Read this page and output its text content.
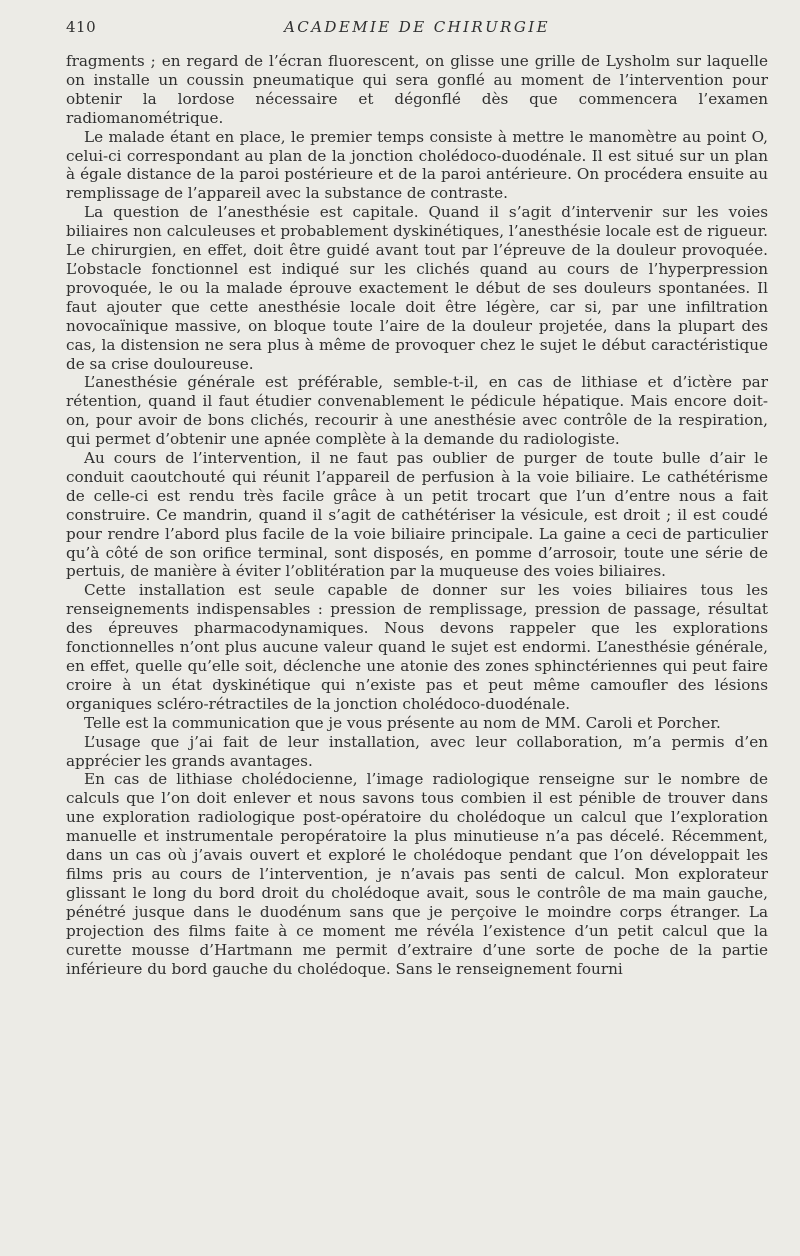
410	ACADEMIE DE CHIRURGIE

fragments ; en regard de l’écran fluorescent, on glisse une grille de Lysholm sur laquelle on installe un coussin pneumatique qui sera gonflé au moment de l’intervention pour obtenir la lordose nécessaire et dégonflé dès que commencera l’examen radiomanométrique.

Le malade étant en place, le premier temps consiste à mettre le manomètre au point O, celui-ci correspondant au plan de la jonction cholédoco-duodénale. Il est situé sur un plan à égale distance de la paroi postérieure et de la paroi antérieure. On procédera ensuite au remplissage de l’appareil avec la substance de contraste.

La question de l’anesthésie est capitale. Quand il s’agit d’intervenir sur les voies biliaires non calculeuses et probablement dyskinétiques, l’anesthésie locale est de rigueur. Le chirurgien, en effet, doit être guidé avant tout par l’épreuve de la douleur provoquée. L’obstacle fonctionnel est indiqué sur les clichés quand au cours de l’hyperpression provoquée, le ou la malade éprouve exactement le début de ses douleurs spontanées. Il faut ajouter que cette anesthésie locale doit être légère, car si, par une infiltration novocaïnique massive, on bloque toute l’aire de la douleur projetée, dans la plupart des cas, la distension ne sera plus à même de provoquer chez le sujet le début caractéristique de sa crise douloureuse.

L’anesthésie générale est préférable, semble-t-il, en cas de lithiase et d’ictère par rétention, quand il faut étudier convenablement le pédicule hépatique. Mais encore doit-on, pour avoir de bons clichés, recourir à une anesthésie avec contrôle de la respiration, qui permet d’obtenir une apnée complète à la demande du radiologiste.

Au cours de l’intervention, il ne faut pas oublier de purger de toute bulle d’air le conduit caoutchouté qui réunit l’appareil de perfusion à la voie biliaire. Le cathétérisme de celle-ci est rendu très facile grâce à un petit trocart que l’un d’entre nous a fait construire. Ce mandrin, quand il s’agit de cathétériser la vésicule, est droit ; il est coudé pour rendre l’abord plus facile de la voie biliaire principale. La gaine a ceci de particulier qu’à côté de son orifice terminal, sont disposés, en pomme d’arrosoir, toute une série de pertuis, de manière à éviter l’oblitération par la muqueuse des voies biliaires.

Cette installation est seule capable de donner sur les voies biliaires tous les renseignements indispensables : pression de remplissage, pression de passage, résultat des épreuves pharmacodynamiques. Nous devons rappeler que les explorations fonctionnelles n’ont plus aucune valeur quand le sujet est endormi. L’anesthésie générale, en effet, quelle qu’elle soit, déclenche une atonie des zones sphinctériennes qui peut faire croire à un état dyskinétique qui n’existe pas et peut même camoufler des lésions organiques scléro-rétractiles de la jonction cholédoco-duodénale.

Telle est la communication que je vous présente au nom de MM. Caroli et Porcher.

L’usage que j’ai fait de leur installation, avec leur collaboration, m’a permis d’en apprécier les grands avantages.

En cas de lithiase cholédocienne, l’image radiologique renseigne sur le nombre de calculs que l’on doit enlever et nous savons tous combien il est pénible de trouver dans une exploration radiologique post-opératoire du cholédoque un calcul que l’exploration manuelle et instrumentale peropératoire la plus minutieuse n’a pas décelé. Récemment, dans un cas où j’avais ouvert et exploré le cholédoque pendant que l’on développait les films pris au cours de l’intervention, je n’avais pas senti de calcul. Mon explorateur glissant le long du bord droit du cholédoque avait, sous le contrôle de ma main gauche, pénétré jusque dans le duodénum sans que je perçoive le moindre corps étranger. La projection des films faite à ce moment me révéla l’existence d’un petit calcul que la curette mousse d’Hartmann me permit d’extraire d’une sorte de poche de la partie inférieure du bord gauche du cholédoque. Sans le renseignement fourni
